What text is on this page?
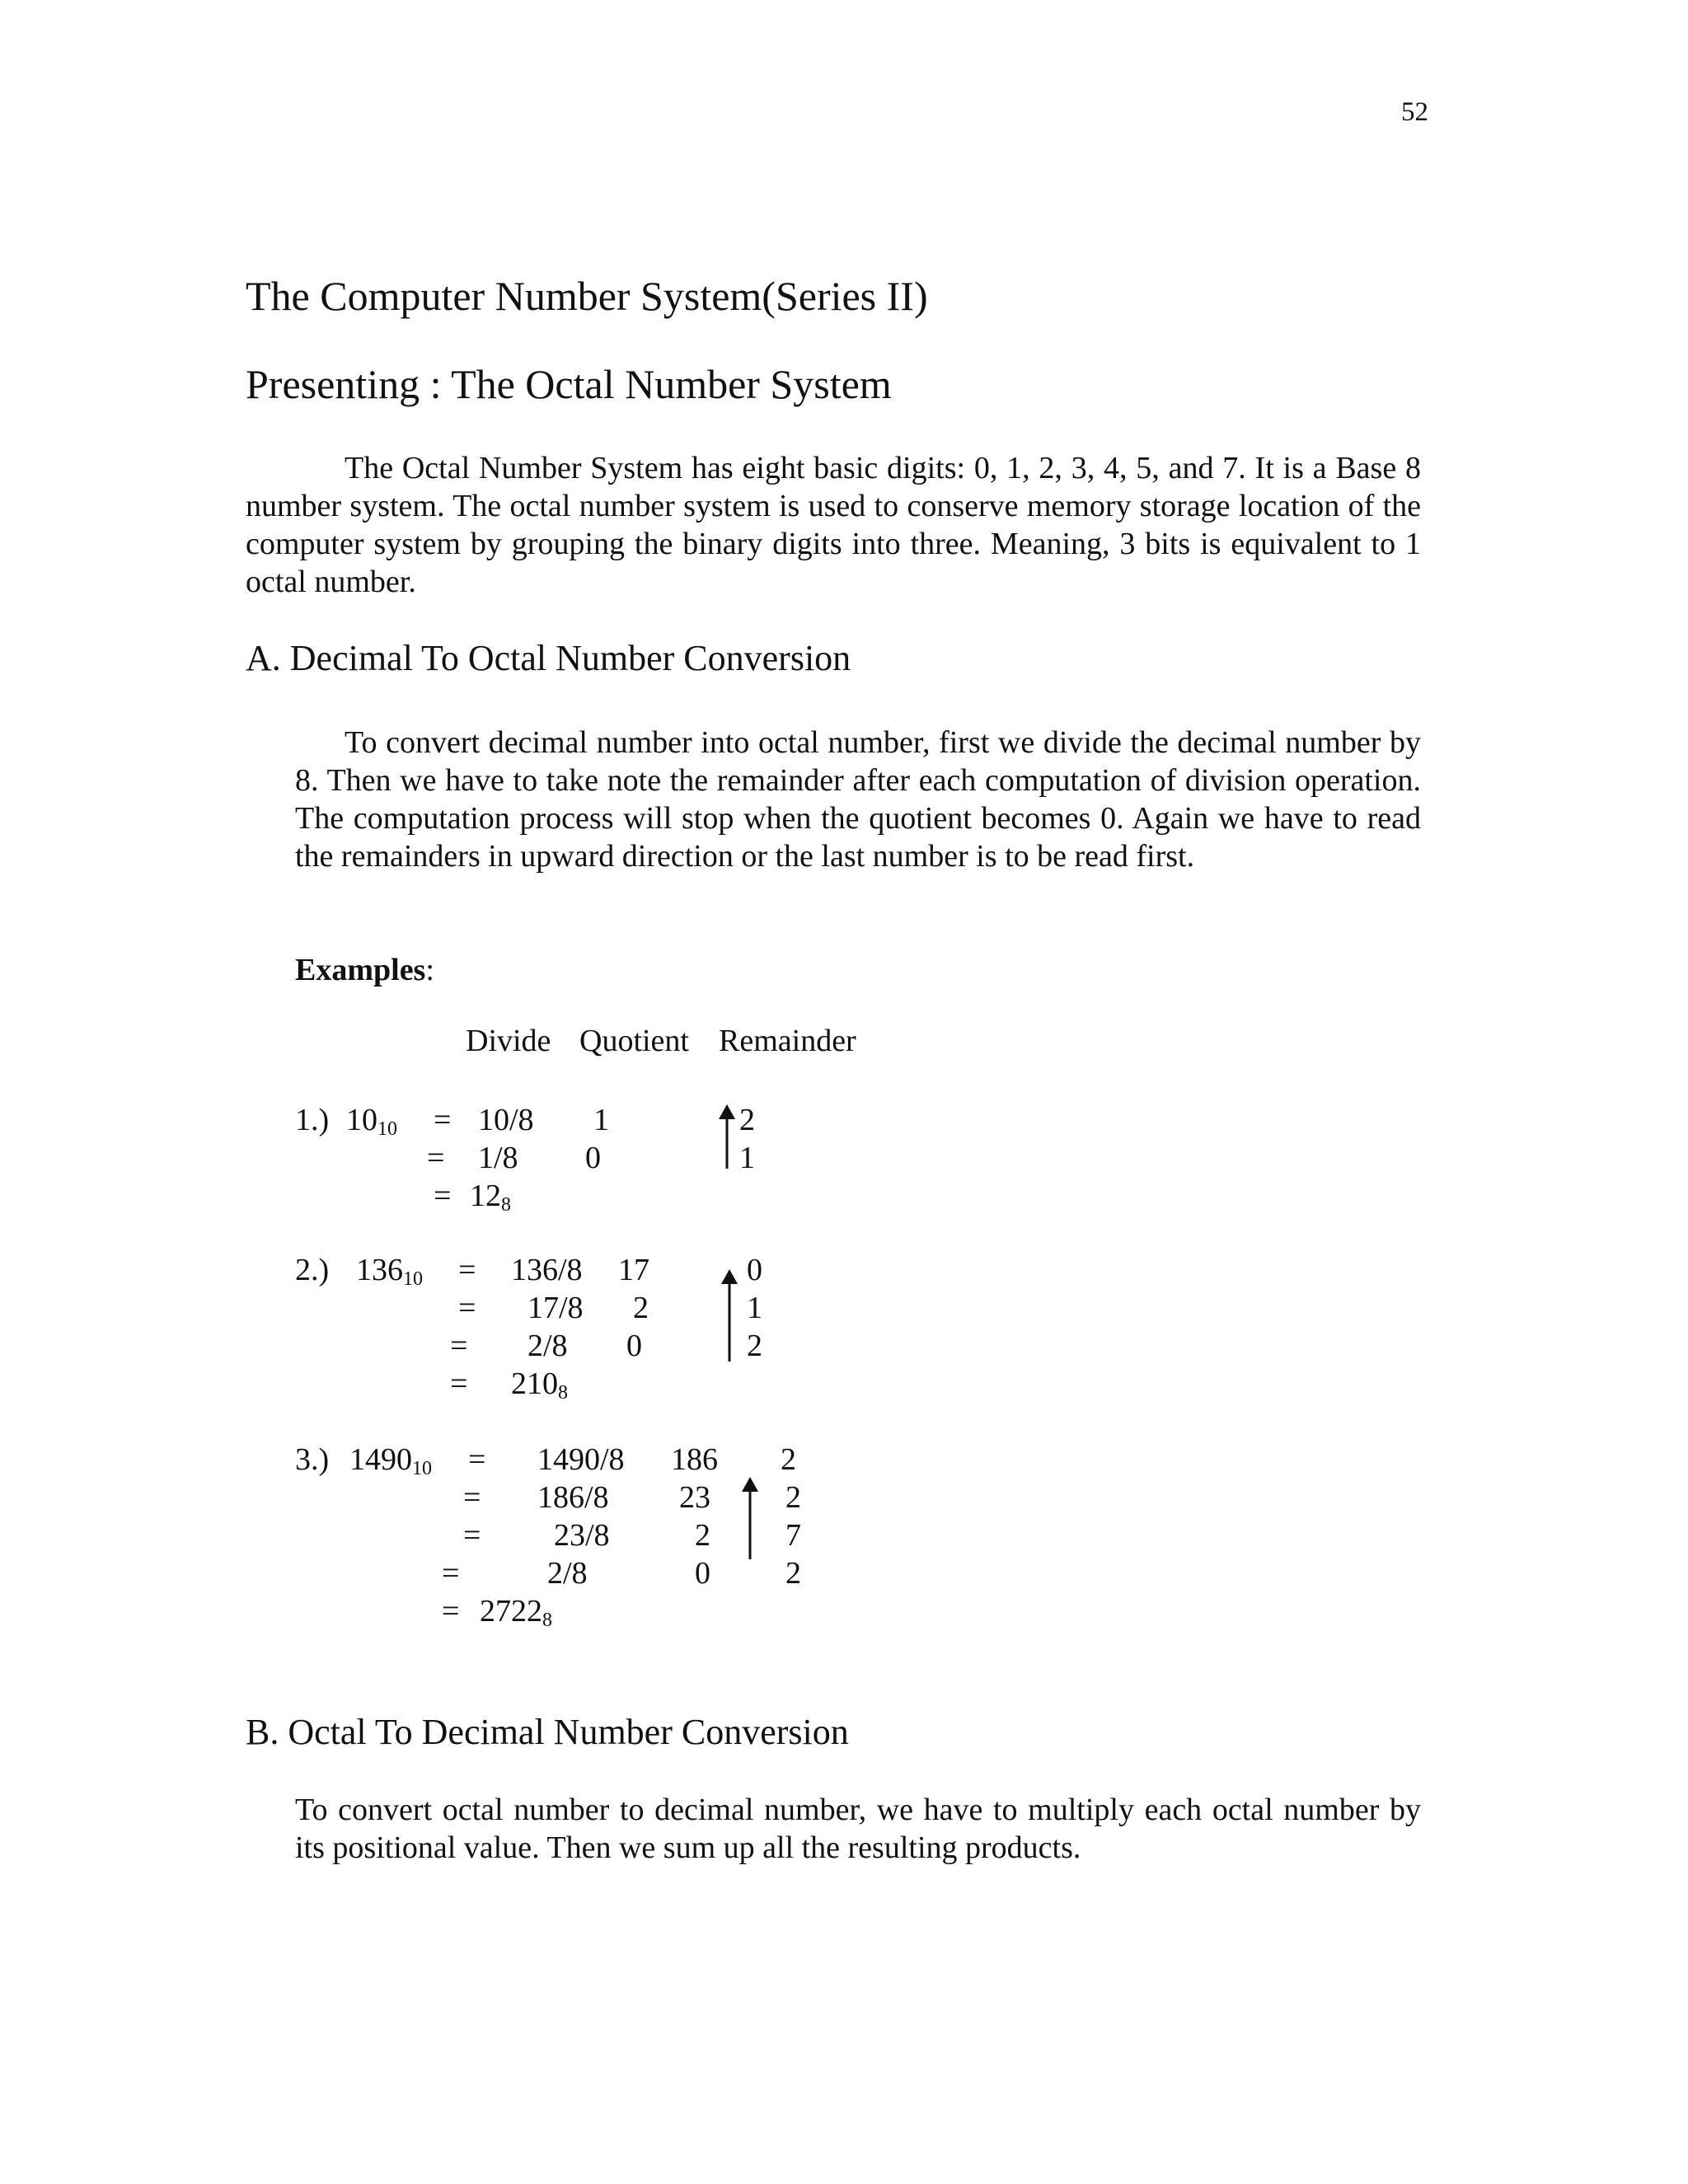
52
The Computer Number System(Series II)
Presenting : The Octal Number System
The Octal Number System has eight basic digits: 0, 1, 2, 3, 4, 5, and 7. It is a Base 8 number system. The octal number system is used to conserve memory storage location of the computer system by grouping the binary digits into three. Meaning, 3 bits is equivalent to 1 octal number.
A. Decimal To Octal Number Conversion
To convert decimal number into octal number, first we divide the decimal number by 8. Then we have to take note the remainder after each computation of division operation. The computation process will stop when the quotient becomes 0. Again we have to read the remainders in upward direction or the last number is to be read first.
Examples:
Divide Quotient Remainder
1.) $10_{10} = 10/8$ 1	2
= 1/8 0	1
= $12_8$
2.) $136_{10} = 136/8$ 17	0
= 17/8 2	1
= 2/8 0	2
= $210_8$
3.) $1490_{10} = 1490/8$ 186 2
= 186/8 23 2
= 23/8	2 7
=	2/8	0 2
= $2722_8$
B. Octal To Decimal Number Conversion
To convert octal number to decimal number, we have to multiply each octal number by its positional value. Then we sum up all the resulting products.
